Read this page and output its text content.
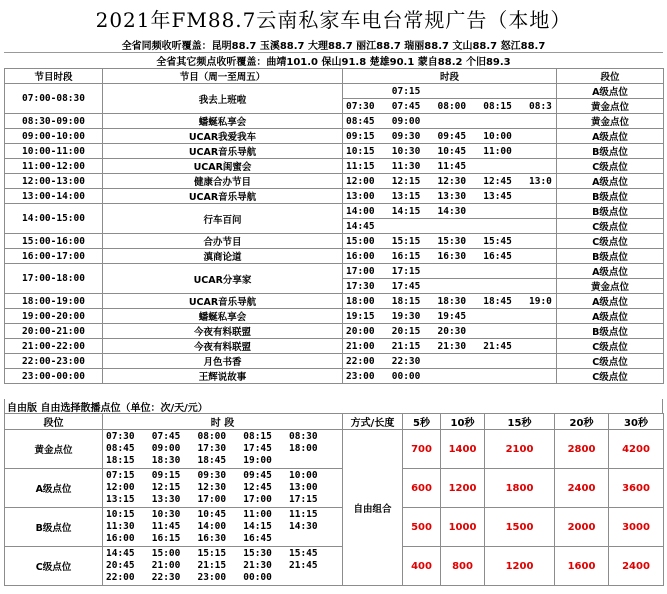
2021年FM88.7云南私家车电台常规广告（本地）
全省同频收听覆盖：昆明88.7 玉溪88.7 大理88.7 丽江88.7 瑞丽88.7 文山88.7 怒江88.7
全省其它频点收听覆盖：曲靖101.0 保山91.8 楚雄90.1 蒙自88.2 个旧89.3
节目时段	节目（周一至周五）	时段	段位
07:00-08:30	我去上班啦	07:15	A级点位
		07:30   07:45   08:00   08:15   08:3	黄金点位
08:30-09:00	蟠蜒私享会	08:45   09:00	黄金点位
09:00-10:00	UCAR我爱我车	09:15   09:30   09:45   10:00	A级点位
10:00-11:00	UCAR音乐导航	10:15   10:30   10:45   11:00	B级点位
11:00-12:00	UCAR闺蜜会	11:15   11:30   11:45	C级点位
12:00-13:00	健康合办节目	12:00   12:15   12:30   12:45   13:0	A级点位
13:00-14:00	UCAR音乐导航	13:00   13:15   13:30   13:45	B级点位
14:00-15:00	行车百问	14:00   14:15   14:30	B级点位
		14:45	C级点位
15:00-16:00	合办节目	15:00   15:15   15:30   15:45	C级点位
16:00-17:00	滇商论道	16:00   16:15   16:30   16:45	B级点位
17:00-18:00	UCAR分享家	17:00   17:15	A级点位
		17:30   17:45	黄金点位
18:00-19:00	UCAR音乐导航	18:00   18:15   18:30   18:45   19:0	A级点位
19:00-20:00	蟠蜒私享会	19:15   19:30   19:45	A级点位
20:00-21:00	今夜有料联盟	20:00   20:15   20:30	B级点位
21:00-22:00	今夜有料联盟	21:00   21:15   21:30   21:45	C级点位
22:00-23:00	月色书香	22:00   22:30	C级点位
23:00-00:00	王辉说故事	23:00   00:00	C级点位
自由版 自由选择散播点位（单位：次/天/元）
段位	时 段	方式/长度	5秒	10秒	15秒	20秒	30秒
黄金点位	07:30   07:45   08:00   08:15   08:30
08:45   09:00   17:30   17:45   18:00
18:15   18:30   18:45   19:00	自由组合	700	1400	2100	2800	4200
A级点位	07:15   09:15   09:30   09:45   10:00
12:00   12:15   12:30   12:45   13:00
13:15   13:30   17:00   17:00   17:15		600	1200	1800	2400	3600
B级点位	10:15   10:30   10:45   11:00   11:15
11:30   11:45   14:00   14:15   14:30
16:00   16:15   16:30   16:45		500	1000	1500	2000	3000
C级点位	14:45   15:00   15:15   15:30   15:45
20:45   21:00   21:15   21:30   21:45
22:00   22:30   23:00   00:00		400	800	1200	1600	2400
